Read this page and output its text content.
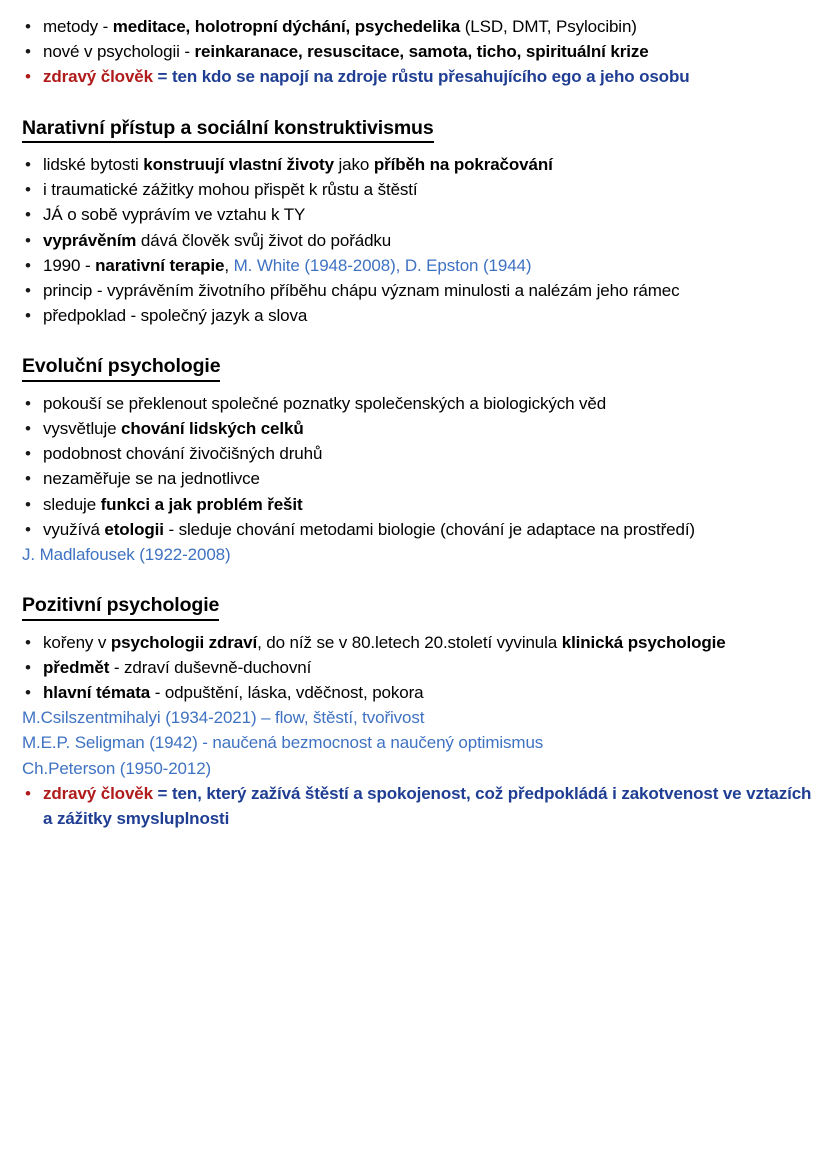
• metody - meditace, holotropní dýchání, psychedelika (LSD, DMT, Psylocibin)
• nové v psychologii - reinkaranace, resuscitace, samota, ticho, spirituální krize
• zdravý člověk = ten kdo se napojí na zdroje růstu přesahujícího ego a jeho osobu
Narativní přístup a sociální konstruktivismus
• lidské bytosti konstruují vlastní životy jako příběh na pokračování
• i traumatické zážitky mohou přispět k růstu a štěstí
• JÁ o sobě vyprávím ve vztahu k TY
• vyprávěním dává člověk svůj život do pořádku
• 1990 - narativní terapie, M. White (1948-2008), D. Epston (1944)
• princip - vyprávěním životního příběhu chápu význam minulosti a nalézám jeho rámec
• předpoklad - společný jazyk a slova
Evoluční psychologie
• pokouší se překlenout společné poznatky společenských a biologických věd
• vysvětluje chování lidských celků
• podobnost chování živočišných druhů
• nezaměřuje se na jednotlivce
• sleduje funkci a jak problém řešit
• využívá etologii - sleduje chování metodami biologie (chování je adaptace na prostředí)
J. Madlafousek (1922-2008)
Pozitivní psychologie
• kořeny v psychologii zdraví, do níž se v 80.letech 20.století vyvinula klinická psychologie
• předmět - zdraví duševně-duchovní
• hlavní témata - odpuštění, láska, vděčnost, pokora
M.Csilszentmihalyi (1934-2021) – flow, štěstí, tvořivost
M.E.P. Seligman (1942) - naučená bezmocnost a naučený optimismus
Ch.Peterson (1950-2012)
• zdravý člověk = ten, který zažívá štěstí a spokojenost, což předpokládá i zakotvenost ve vztazích a zážitky smysluplnosti
